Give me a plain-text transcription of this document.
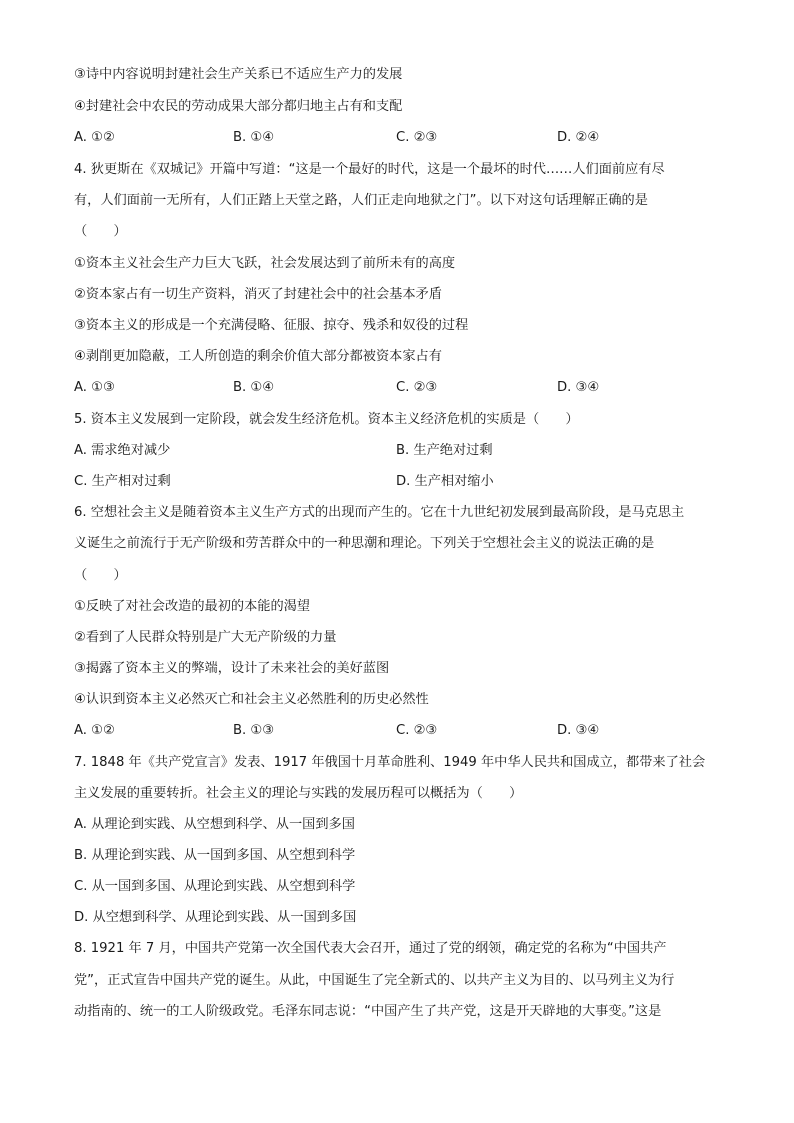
③诗中内容说明封建社会生产关系已不适应生产力的发展
④封建社会中农民的劳动成果大部分都归地主占有和支配
A. ①②	B. ①④	C. ②③	D. ②④
4. 狄更斯在《双城记》开篇中写道：“这是一个最好的时代，这是一个最坏的时代……人们面前应有尽
有，人们面前一无所有，人们正踏上天堂之路，人们正走向地狱之门”。以下对这句话理解正确的是
（　　）
①资本主义社会生产力巨大飞跃，社会发展达到了前所未有的高度
②资本家占有一切生产资料，消灭了封建社会中的社会基本矛盾
③资本主义的形成是一个充满侵略、征服、掠夺、残杀和奴役的过程
④剥削更加隐蔽，工人所创造的剩余价值大部分都被资本家占有
A. ①③	B. ①④	C. ②③	D. ③④
5. 资本主义发展到一定阶段，就会发生经济危机。资本主义经济危机的实质是（　　）
A. 需求绝对减少	B. 生产绝对过剩
C. 生产相对过剩	D. 生产相对缩小
6. 空想社会主义是随着资本主义生产方式的出现而产生的。它在十九世纪初发展到最高阶段，是马克思主
义诞生之前流行于无产阶级和劳苦群众中的一种思潮和理论。下列关于空想社会主义的说法正确的是
（　　）
①反映了对社会改造的最初的本能的渴望
②看到了人民群众特别是广大无产阶级的力量
③揭露了资本主义的弊端，设计了未来社会的美好蓝图
④认识到资本主义必然灭亡和社会主义必然胜利的历史必然性
A. ①②	B. ①③	C. ②③	D. ③④
7. 1848 年《共产党宣言》发表、1917 年俄国十月革命胜利、1949 年中华人民共和国成立，都带来了社会
主义发展的重要转折。社会主义的理论与实践的发展历程可以概括为（　　）
A. 从理论到实践、从空想到科学、从一国到多国
B. 从理论到实践、从一国到多国、从空想到科学
C. 从一国到多国、从理论到实践、从空想到科学
D. 从空想到科学、从理论到实践、从一国到多国
8. 1921 年 7 月，中国共产党第一次全国代表大会召开，通过了党的纲领，确定党的名称为“中国共产
党”，正式宣告中国共产党的诞生。从此，中国诞生了完全新式的、以共产主义为目的、以马列主义为行
动指南的、统一的工人阶级政党。毛泽东同志说：“中国产生了共产党，这是开天辟地的大事变。”这是
